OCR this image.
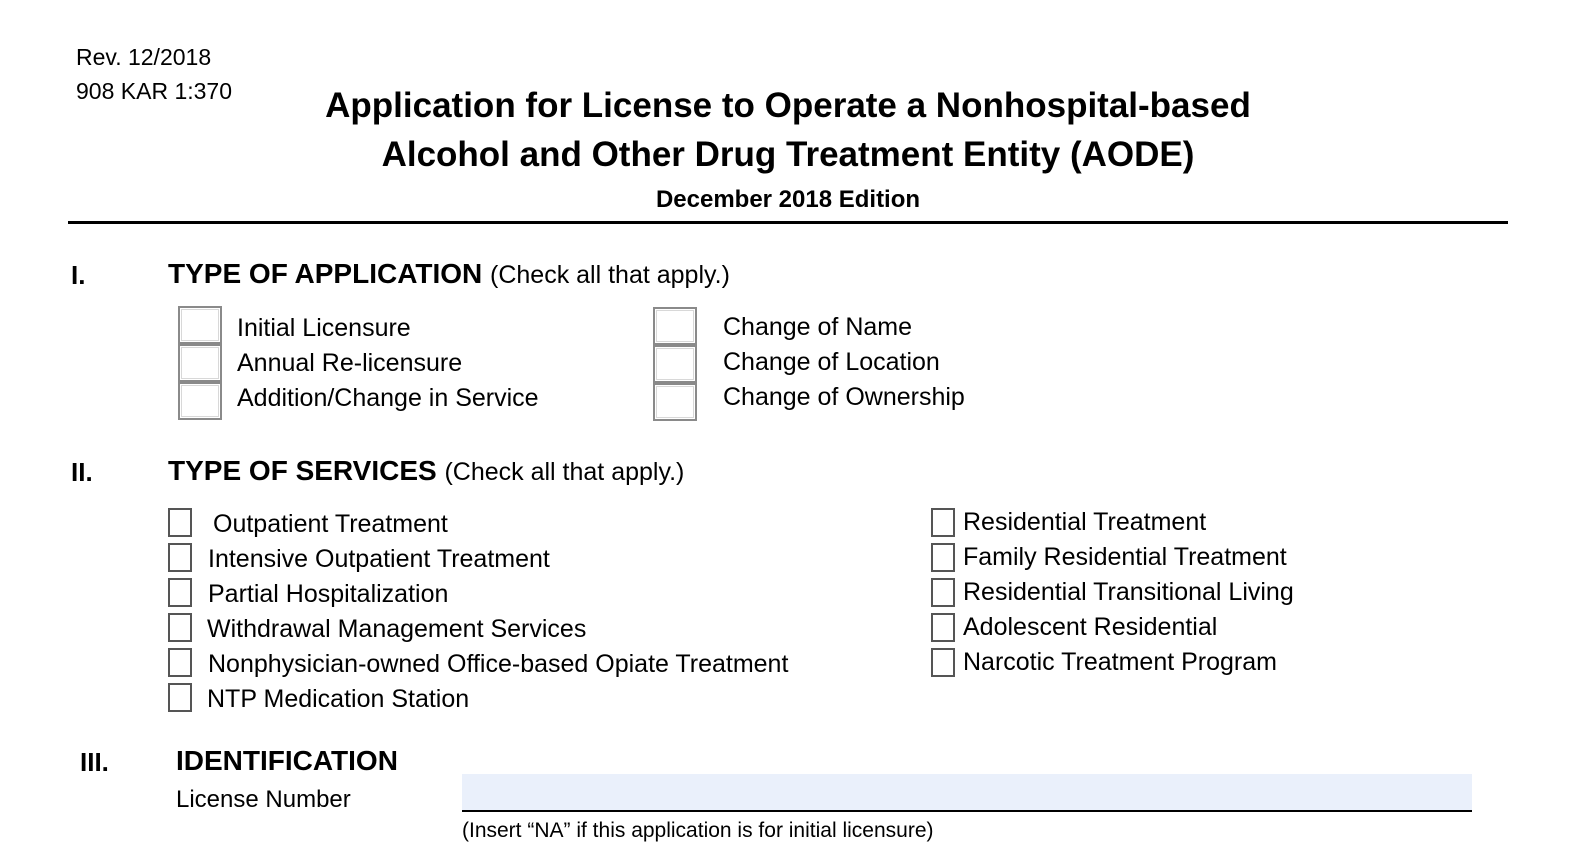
Rev. 12/2018
908 KAR 1:370	Application for License to Operate a Nonhospital-based
Alcohol and Other Drug Treatment Entity (AODE)
December 2018 Edition
I.	TYPE OF APPLICATION (Check all that apply.)
Initial Licensure
Annual Re-licensure
Addition/Change in Service
Change of Name
Change of Location
Change of Ownership
II.	TYPE OF SERVICES (Check all that apply.)
Outpatient Treatment
Intensive Outpatient Treatment
Partial Hospitalization
Withdrawal Management Services
Nonphysician-owned Office-based Opiate Treatment
NTP Medication Station
Residential Treatment
Family Residential Treatment
Residential Transitional Living
Adolescent Residential
Narcotic Treatment Program
III. IDENTIFICATION
License Number
(Insert “NA” if this application is for initial licensure)
